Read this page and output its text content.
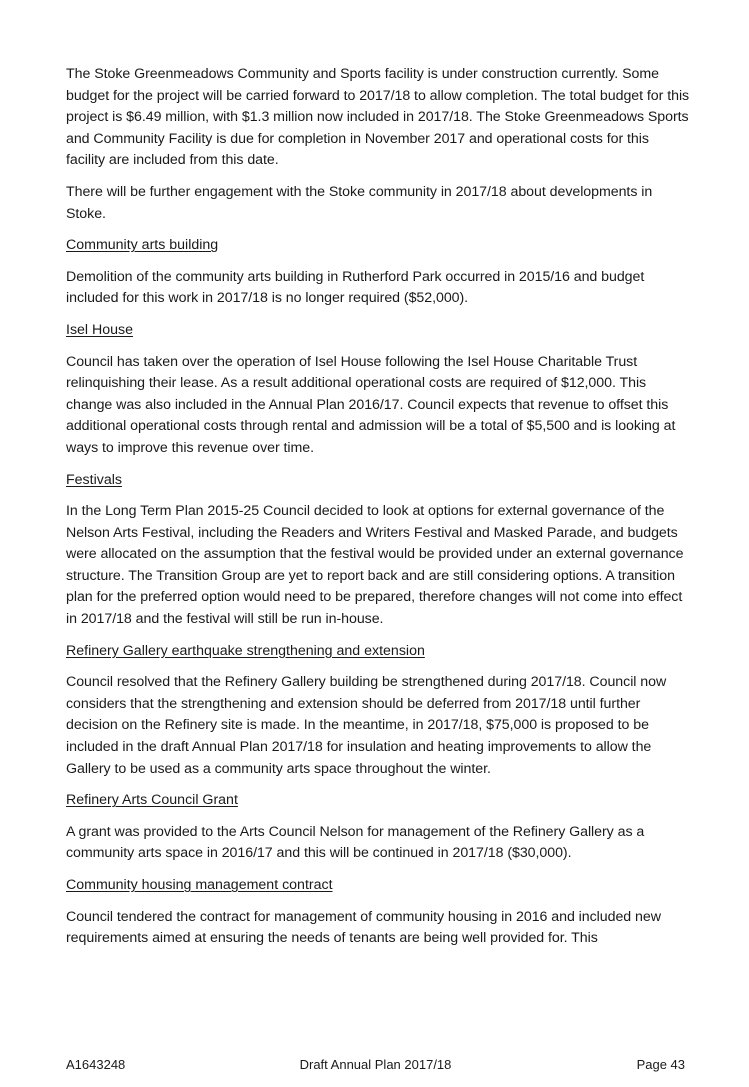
The Stoke Greenmeadows Community and Sports facility is under construction currently. Some budget for the project will be carried forward to 2017/18 to allow completion. The total budget for this project is $6.49 million, with $1.3 million now included in 2017/18. The Stoke Greenmeadows Sports and Community Facility is due for completion in November 2017 and operational costs for this facility are included from this date.

There will be further engagement with the Stoke community in 2017/18 about developments in Stoke.

Community arts building

Demolition of the community arts building in Rutherford Park occurred in 2015/16 and budget included for this work in 2017/18 is no longer required ($52,000).

Isel House

Council has taken over the operation of Isel House following the Isel House Charitable Trust relinquishing their lease. As a result additional operational costs are required of $12,000. This change was also included in the Annual Plan 2016/17. Council expects that revenue to offset this additional operational costs through rental and admission will be a total of $5,500 and is looking at ways to improve this revenue over time.

Festivals

In the Long Term Plan 2015-25 Council decided to look at options for external governance of the Nelson Arts Festival, including the Readers and Writers Festival and Masked Parade, and budgets were allocated on the assumption that the festival would be provided under an external governance structure. The Transition Group are yet to report back and are still considering options. A transition plan for the preferred option would need to be prepared, therefore changes will not come into effect in 2017/18 and the festival will still be run in-house.

Refinery Gallery earthquake strengthening and extension

Council resolved that the Refinery Gallery building be strengthened during 2017/18. Council now considers that the strengthening and extension should be deferred from 2017/18 until further decision on the Refinery site is made. In the meantime, in 2017/18, $75,000 is proposed to be included in the draft Annual Plan 2017/18 for insulation and heating improvements to allow the Gallery to be used as a community arts space throughout the winter.

Refinery Arts Council Grant

A grant was provided to the Arts Council Nelson for management of the Refinery Gallery as a community arts space in 2016/17 and this will be continued in 2017/18 ($30,000).

Community housing management contract

Council tendered the contract for management of community housing in 2016 and included new requirements aimed at ensuring the needs of tenants are being well provided for. This

A1643248	Draft Annual Plan 2017/18	Page 43
